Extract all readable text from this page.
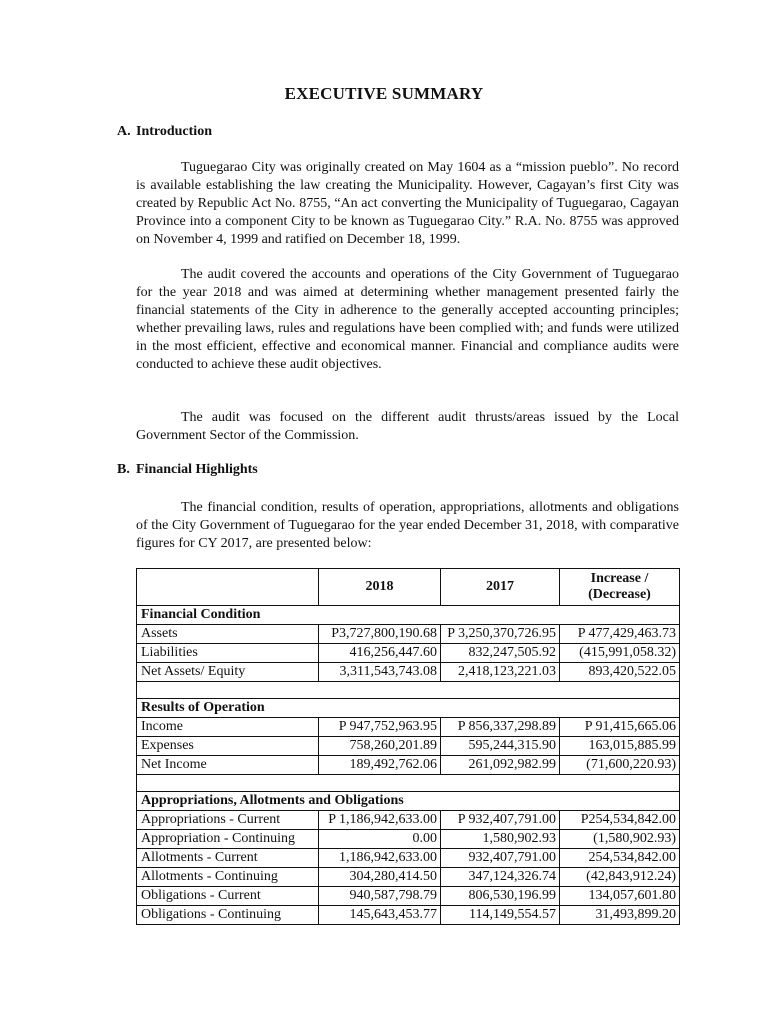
EXECUTIVE SUMMARY
A. Introduction

Tuguegarao City was originally created on May 1604 as a “mission pueblo”. No record is available establishing the law creating the Municipality. However, Cagayan’s first City was created by Republic Act No. 8755, “An act converting the Municipality of Tuguegarao, Cagayan Province into a component City to be known as Tuguegarao City.” R.A. No. 8755 was approved on November 4, 1999 and ratified on December 18, 1999.

The audit covered the accounts and operations of the City Government of Tuguegarao for the year 2018 and was aimed at determining whether management presented fairly the financial statements of the City in adherence to the generally accepted accounting principles; whether prevailing laws, rules and regulations have been complied with; and funds were utilized in the most efficient, effective and economical manner. Financial and compliance audits were conducted to achieve these audit objectives.

The audit was focused on the different audit thrusts/areas issued by the Local Government Sector of the Commission.

B. Financial Highlights

The financial condition, results of operation, appropriations, allotments and obligations of the City Government of Tuguegarao for the year ended December 31, 2018, with comparative figures for CY 2017, are presented below:

	2018	2017	Increase / (Decrease)
Financial Condition			
Assets	P3,727,800,190.68	P 3,250,370,726.95	P 477,429,463.73
Liabilities	416,256,447.60	832,247,505.92	(415,991,058.32)
Net Assets/ Equity	3,311,543,743.08	2,418,123,221.03	893,420,522.05

Results of Operation			
Income	P 947,752,963.95	P 856,337,298.89	P 91,415,665.06
Expenses	758,260,201.89	595,244,315.90	163,015,885.99
Net Income	189,492,762.06	261,092,982.99	(71,600,220.93)

Appropriations, Allotments and Obligations			
Appropriations - Current	P 1,186,942,633.00	P 932,407,791.00	P254,534,842.00
Appropriation - Continuing	0.00	1,580,902.93	(1,580,902.93)
Allotments - Current	1,186,942,633.00	932,407,791.00	254,534,842.00
Allotments - Continuing	304,280,414.50	347,124,326.74	(42,843,912.24)
Obligations - Current	940,587,798.79	806,530,196.99	134,057,601.80
Obligations - Continuing	145,643,453.77	114,149,554.57	31,493,899.20
